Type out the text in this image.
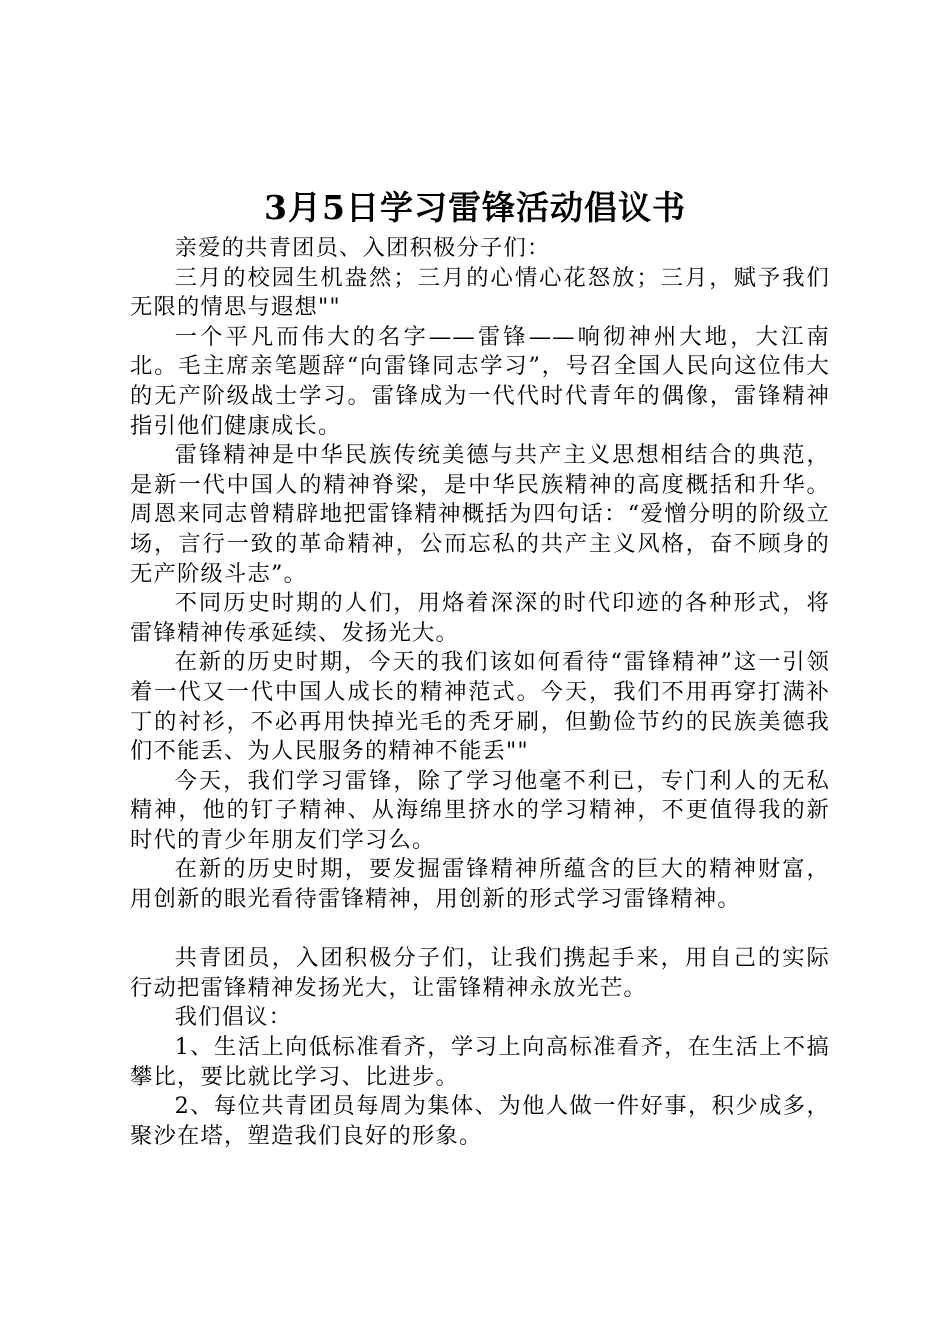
3月5日学习雷锋活动倡议书

亲爱的共青团员、入团积极分子们：

三月的校园生机盎然；三月的心情心花怒放；三月，赋予我们无限的情思与遐想""

一个平凡而伟大的名字——雷锋——响彻神州大地，大江南北。毛主席亲笔题辞“向雷锋同志学习”，号召全国人民向这位伟大的无产阶级战士学习。雷锋成为一代代时代青年的偶像，雷锋精神指引他们健康成长。

雷锋精神是中华民族传统美德与共产主义思想相结合的典范，是新一代中国人的精神脊梁，是中华民族精神的高度概括和升华。周恩来同志曾精辟地把雷锋精神概括为四句话：“爱憎分明的阶级立场，言行一致的革命精神，公而忘私的共产主义风格，奋不顾身的无产阶级斗志”。

不同历史时期的人们，用烙着深深的时代印迹的各种形式，将雷锋精神传承延续、发扬光大。

在新的历史时期，今天的我们该如何看待“雷锋精神”这一引领着一代又一代中国人成长的精神范式。今天，我们不用再穿打满补丁的衬衫，不必再用快掉光毛的秃牙刷，但勤俭节约的民族美德我们不能丢、为人民服务的精神不能丢""

今天，我们学习雷锋，除了学习他毫不利已，专门利人的无私精神，他的钉子精神、从海绵里挤水的学习精神，不更值得我的新时代的青少年朋友们学习么。

在新的历史时期，要发掘雷锋精神所蕴含的巨大的精神财富，用创新的眼光看待雷锋精神，用创新的形式学习雷锋精神。

共青团员，入团积极分子们，让我们携起手来，用自己的实际行动把雷锋精神发扬光大，让雷锋精神永放光芒。

我们倡议：

1、生活上向低标准看齐，学习上向高标准看齐，在生活上不搞攀比，要比就比学习、比进步。

2、每位共青团员每周为集体、为他人做一件好事，积少成多，聚沙在塔，塑造我们良好的形象。
